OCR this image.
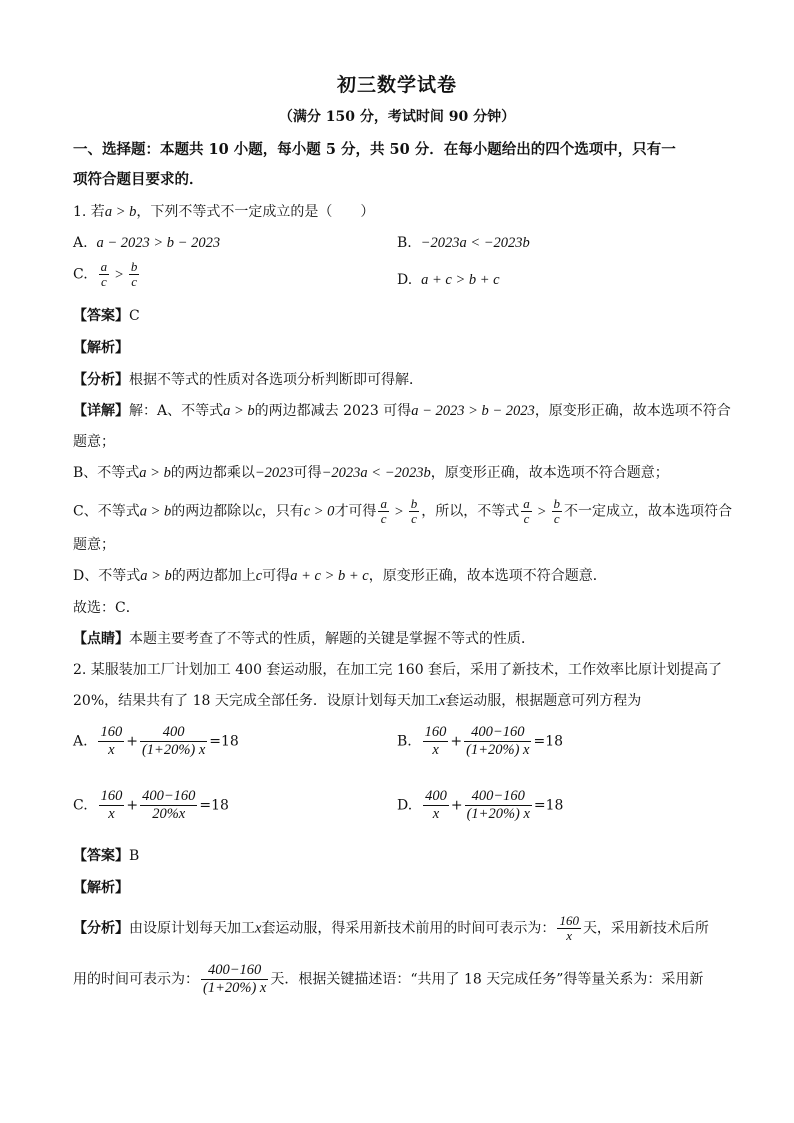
初三数学试卷
（满分 150 分，考试时间 90 分钟）
一、选择题：本题共 10 小题，每小题 5 分，共 50 分．在每小题给出的四个选项中，只有一
项符合题目要求的．
1. 若a > b，下列不等式不一定成立的是（　　）
A. a − 2023 > b − 2023	B. −2023a < −2023b
C. $\frac{a}{c} > \frac{b}{c}$	D. a + c > b + c
【答案】C
【解析】
【分析】根据不等式的性质对各选项分析判断即可得解．
【详解】解：A、不等式a > b的两边都减去 2023 可得a − 2023 > b − 2023，原变形正确，故本选项不符合
题意；
B、不等式a > b的两边都乘以−2023可得−2023a < −2023b，原变形正确，故本选项不符合题意；
C、不等式a > b的两边都除以c，只有c > 0才可得 $\frac{a}{c} > \frac{b}{c}$ ，所以，不等式 $\frac{a}{c} > \frac{b}{c}$ 不一定成立，故本选项符合
题意；
D、不等式a > b的两边都加上c可得a + c > b + c，原变形正确，故本选项不符合题意．
故选：C．
【点睛】本题主要考查了不等式的性质，解题的关键是掌握不等式的性质．
2. 某服装加工厂计划加工 400 套运动服，在加工完 160 套后，采用了新技术，工作效率比原计划提高了
20%，结果共有了 18 天完成全部任务．设原计划每天加工x套运动服，根据题意可列方程为
A. $\frac{160}{x} + \frac{400}{(1+20\%) x} =18$	B. $\frac{160}{x} + \frac{400-160}{(1+20\%) x} =18$
C. $\frac{160}{x} + \frac{400-160}{20\%x} =18$	D. $\frac{400}{x} + \frac{400-160}{(1+20\%) x} =18$
【答案】B
【解析】
【分析】由设原计划每天加工x套运动服，得采用新技术前用的时间可表示为： $\frac{160}{x}$ 天，采用新技术后所
用的时间可表示为： $\frac{400-160}{(1+20\%) x}$ 天．根据关键描述语：“共用了 18 天完成任务”得等量关系为：采用新
